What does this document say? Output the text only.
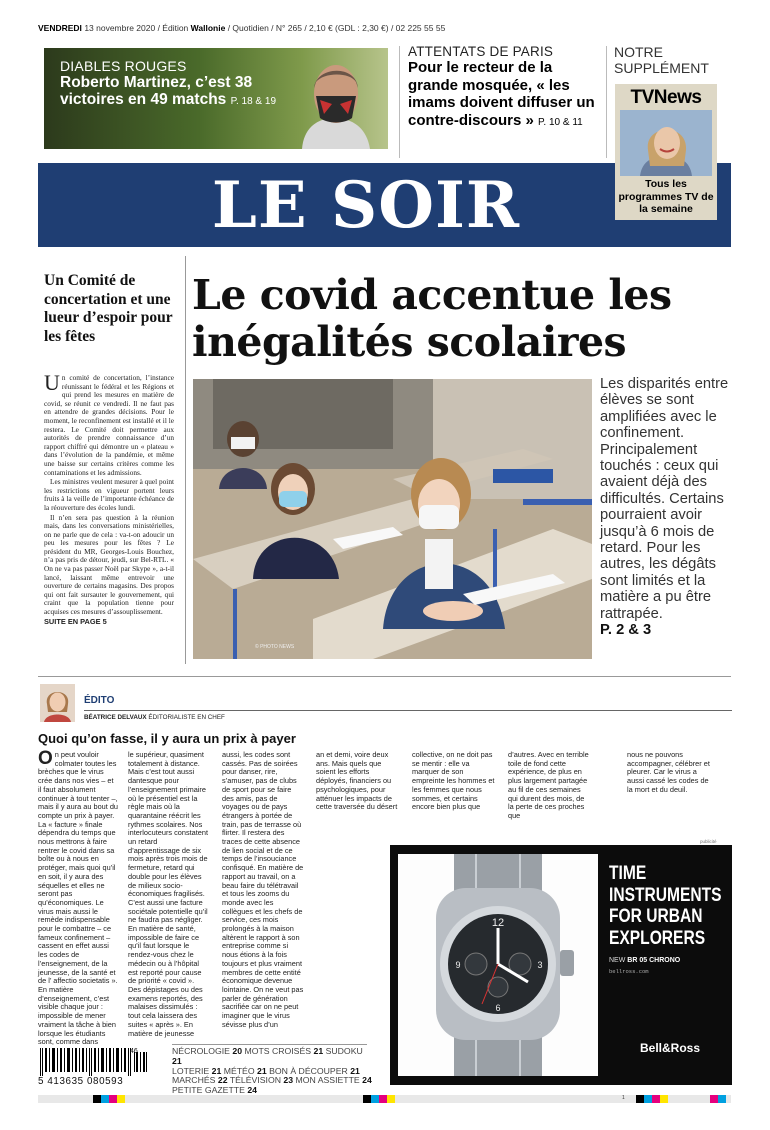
VENDREDI 13 novembre 2020 / Édition Wallonie / Quotidien / N° 265 / 2,10 € (GDL : 2,30 €) / 02 225 55 55
DIABLES ROUGES
Roberto Martinez, c’est 38 victoires en 49 matchs P. 18 & 19
ATTENTATS DE PARIS
Pour le recteur de la grande mosquée, « les imams doivent diffuser un contre-discours » P. 10 & 11
NOTRE SUPPLÉMENT
TVNews
Tous les programmes TV de la semaine
LE SOIR
Un Comité de concertation et une lueur d’espoir pour les fêtes

Un comité de concertation, l’instance réunissant le fédéral et les Régions et qui prend les mesures en matière de covid, se réunit ce vendredi. Il ne faut pas en attendre de grandes décisions. Pour le moment, le reconfinement est installé et il le restera. Le Comité doit permettre aux autorités de prendre connaissance d’un rapport chiffré qui démontre un « plateau » dans l’évolution de la pandémie, et même une baisse sur certains critères comme les contaminations et les admissions.

Les ministres veulent mesurer à quel point les restrictions en vigueur portent leurs fruits à la veille de l’importante échéance de la réouverture des écoles lundi.

Il n’en sera pas question à la réunion mais, dans les conversations ministérielles, on ne parle que de cela : va-t-on adoucir un peu les mesures pour les fêtes ? Le président du MR, Georges-Louis Bouchez, n’a pas pris de détour, jeudi, sur Bel-RTL. « On ne va pas passer Noël par Skype », a-t-il lancé, laissant même entrevoir une ouverture de certains magasins. Des propos qui ont fait sursauter le gouvernement, qui craint que la population tienne pour acquises ces mesures d’assouplissement.

SUITE EN PAGE 5
Le covid accentue les inégalités scolaires
© PHOTO NEWS
Les disparités entre élèves se sont amplifiées avec le confinement. Principalement touchés : ceux qui avaient déjà des difficultés. Certains pourraient avoir jusqu’à 6 mois de retard. Pour les autres, les dégâts sont limités et la matière a pu être rattrapée.
P. 2 & 3
ÉDITO
BÉATRICE DELVAUX ÉDITORIALISTE EN CHEF
Quoi qu’on fasse, il y aura un prix à payer
On peut vouloir colmater toutes les brèches que le virus crée dans nos vies – et il faut absolument continuer à tout tenter –, mais il y aura au bout du compte un prix à payer. La « facture » finale dépendra du temps que nous mettrons à faire rentrer le covid dans sa boîte ou à nous en protéger, mais quoi qu’il en soit, il y aura des séquelles et elles ne seront pas qu’économiques. Le virus mais aussi le remède indispensable pour le combattre – ce fameux confinement – cassent en effet aussi les codes de l’enseignement, de la jeunesse, de la santé et de l’ affectio societatis ». En matière d’enseignement, c’est visible chaque jour : impossible de mener vraiment la tâche à bien lorsque les étudiants sont, comme dans
le supérieur, quasiment totalement à distance. Mais c’est tout aussi dantesque pour l’enseignement primaire où le présentiel est la règle mais où la quarantaine réécrit les rythmes scolaires. Nos interlocuteurs constatent un retard d’apprentissage de six mois après trois mois de fermeture, retard qui double pour les élèves de milieux socio-économiques fragilisés. C’est aussi une facture sociétale potentielle qu’il ne faudra pas négliger. En matière de santé, impossible de faire ce qu’il faut lorsque le rendez-vous chez le médecin ou à l’hôpital est reporté pour cause de priorité « covid ». Des dépistages ou des examens reportés, des malaises dissimulés : tout cela laissera des suites « après ». En matière de jeunesse
aussi, les codes sont cassés. Pas de soirées pour danser, rire, s’amuser, pas de clubs de sport pour se faire des amis, pas de voyages ou de pays étrangers à portée de train, pas de terrasse où flirter. Il restera des traces de cette absence de lien social et de ce temps de l’insouciance confisqué. En matière de rapport au travail, on a beau faire du télétravail et tous les zooms du monde avec les collègues et les chefs de service, ces mois prolongés à la maison altèrent le rapport à son entreprise comme si nous étions à la fois toujours et plus vraiment membres de cette entité économique devenue lointaine. On ne veut pas parler de génération sacrifiée car on ne peut imaginer que le virus sévisse plus d’un
an et demi, voire deux ans. Mais quels que soient les efforts déployés, financiers ou psychologiques, pour atténuer les impacts de cette traversée du désert
collective, on ne doit pas se mentir : elle va marquer de son empreinte les hommes et les femmes que nous sommes, et certains encore bien plus que
d’autres. Avec en terrible toile de fond cette expérience, de plus en plus largement partagée au fil de ces semaines qui durent des mois, de la perte de ces proches que
nous ne pouvons accompagner, célébrer et pleurer. Car le virus a aussi cassé les codes de la mort et du deuil.
publicité
12
3
6
9
TIME INSTRUMENTS FOR URBAN EXPLORERS
NEW BR 05 CHRONO
bellross.com
Bell&Ross
5 413635 080593
46	NÉCROLOGIE 20 MOTS CROISÉS 21 SUDOKU 21
LOTERIE 21 MÉTÉO 21 BON À DÉCOUPER 21
MARCHÉS 22 TÉLÉVISION 23 MON ASSIETTE 24
PETITE GAZETTE 24
1
